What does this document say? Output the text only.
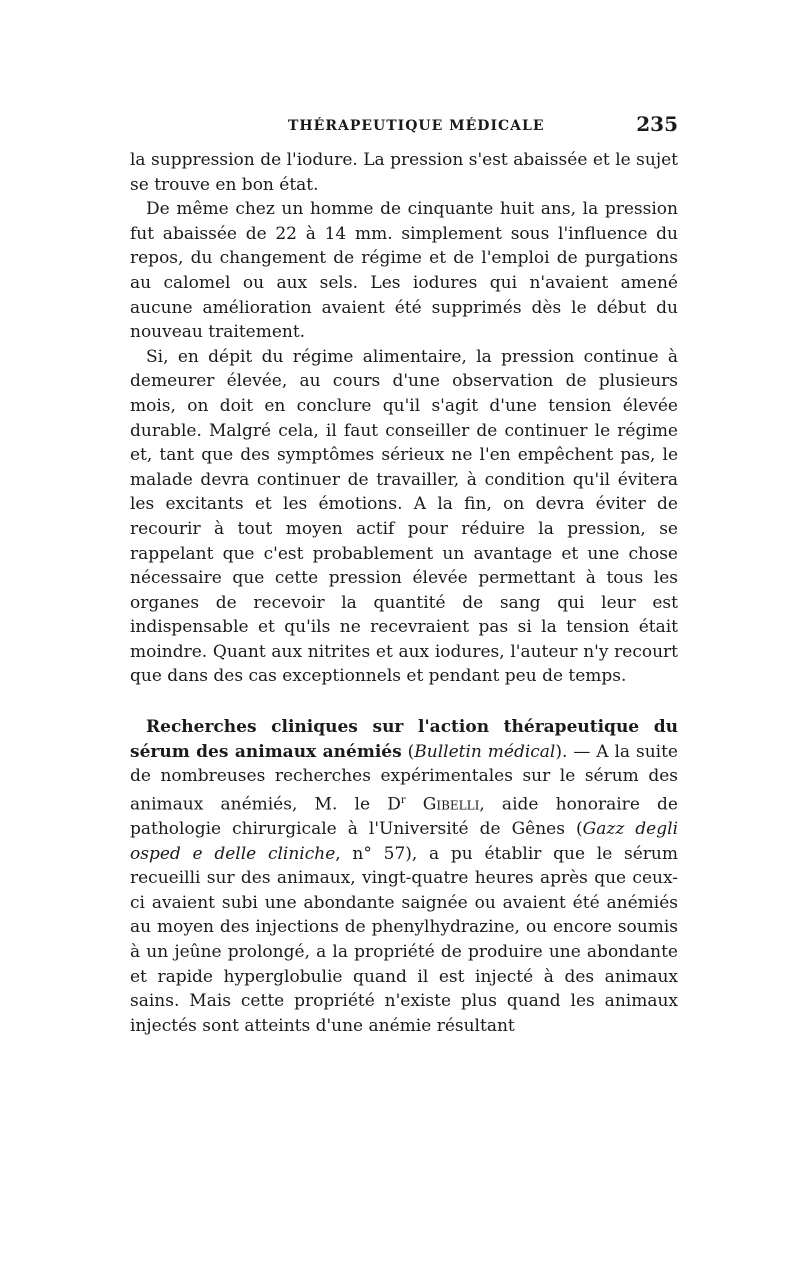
THÉRAPEUTIQUE MÉDICALE	235

la suppression de l'iodure. La pression s'est abaissée et le sujet se trouve en bon état.

De même chez un homme de cinquante huit ans, la pression fut abaissée de 22 à 14 mm. simplement sous l'influence du repos, du changement de régime et de l'emploi de purgations au calomel ou aux sels. Les iodures qui n'avaient amené aucune amélioration avaient été supprimés dès le début du nouveau traitement.

Si, en dépit du régime alimentaire, la pression continue à demeurer élevée, au cours d'une observation de plusieurs mois, on doit en conclure qu'il s'agit d'une tension élevée durable. Malgré cela, il faut conseiller de continuer le régime et, tant que des symptômes sérieux ne l'en empêchent pas, le malade devra continuer de travailler, à condition qu'il évitera les excitants et les émotions. A la fin, on devra éviter de recourir à tout moyen actif pour réduire la pression, se rappelant que c'est probablement un avantage et une chose nécessaire que cette pression élevée permettant à tous les organes de recevoir la quantité de sang qui leur est indispensable et qu'ils ne recevraient pas si la tension était moindre. Quant aux nitrites et aux iodures, l'auteur n'y recourt que dans des cas exceptionnels et pendant peu de temps.

Recherches cliniques sur l'action thérapeutique du sérum des animaux anémiés (Bulletin médical). — A la suite de nombreuses recherches expérimentales sur le sérum des animaux anémiés, M. le $D^r$ Gibelli, aide honoraire de pathologie chirurgicale à l'Université de Gênes (Gazz degli osped e delle cliniche, n° 57), a pu établir que le sérum recueilli sur des animaux, vingt-quatre heures après que ceux-ci avaient subi une abondante saignée ou avaient été anémiés au moyen des injections de phenylhydrazine, ou encore soumis à un jeûne prolongé, a la propriété de produire une abondante et rapide hyperglobulie quand il est injecté à des animaux sains. Mais cette propriété n'existe plus quand les animaux injectés sont atteints d'une anémie résultant
